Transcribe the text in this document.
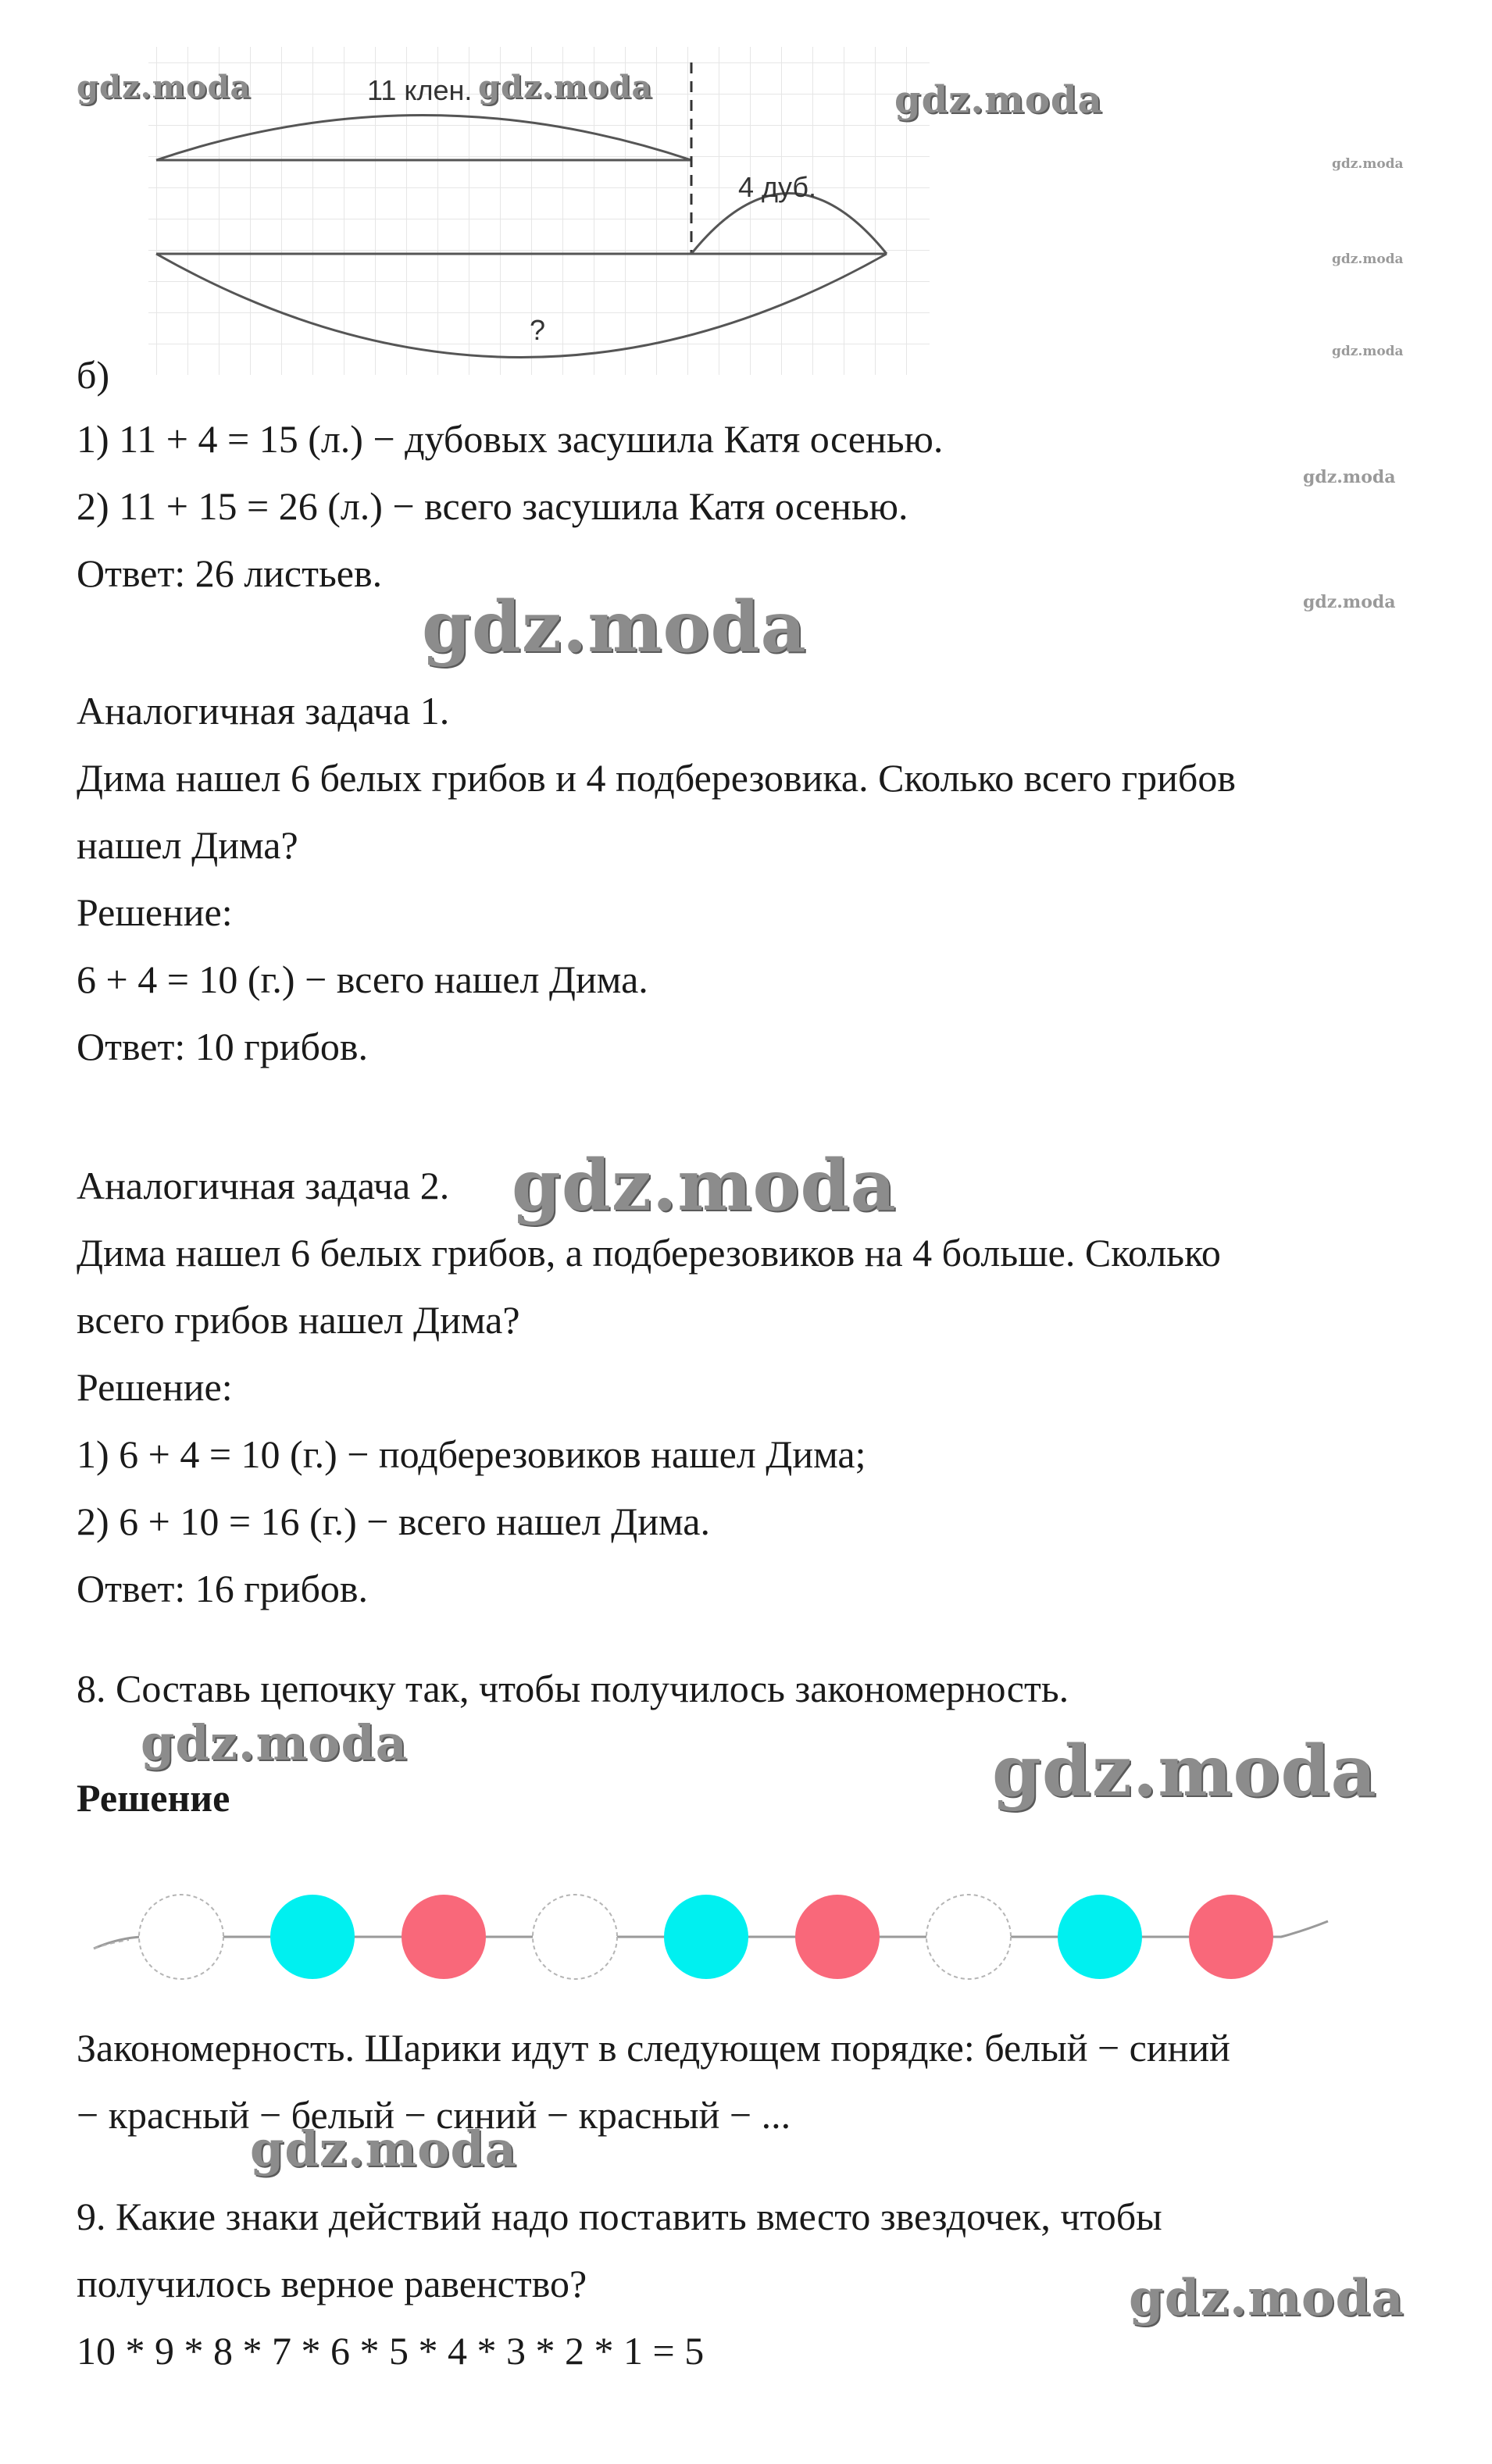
11 клен.
4 дуб.
?
б)
1) 11 + 4 = 15 (л.) − дубовых засушила Катя осенью.
2) 11 + 15 = 26 (л.) − всего засушила Катя осенью.
Ответ: 26 листьев.
Аналогичная задача 1.
Дима нашел 6 белых грибов и 4 подберезовика. Сколько всего грибов
нашел Дима?
Решение:
6 + 4 = 10 (г.) − всего нашел Дима.
Ответ: 10 грибов.
Аналогичная задача 2.
Дима нашел 6 белых грибов, а подберезовиков на 4 больше. Сколько
всего грибов нашел Дима?
Решение:
1) 6 + 4 = 10 (г.) − подберезовиков нашел Дима;
2) 6 + 10 = 16 (г.) − всего нашел Дима.
Ответ: 16 грибов.
8. Составь цепочку так, чтобы получилось закономерность.
Решение
Закономерность. Шарики идут в следующем порядке: белый − синий
− красный − белый − синий − красный − ...
9. Какие знаки действий надо поставить вместо звездочек, чтобы
получилось верное равенство?
10 * 9 * 8 * 7 * 6 * 5 * 4 * 3 * 2 * 1 = 5
gdz.moda	gdz.moda	gdz.moda
gdz.moda
gdz.moda
gdz.moda
gdz.moda
gdz.moda
gdz.moda
gdz.moda
gdz.moda	gdz.moda
gdz.moda
gdz.moda
